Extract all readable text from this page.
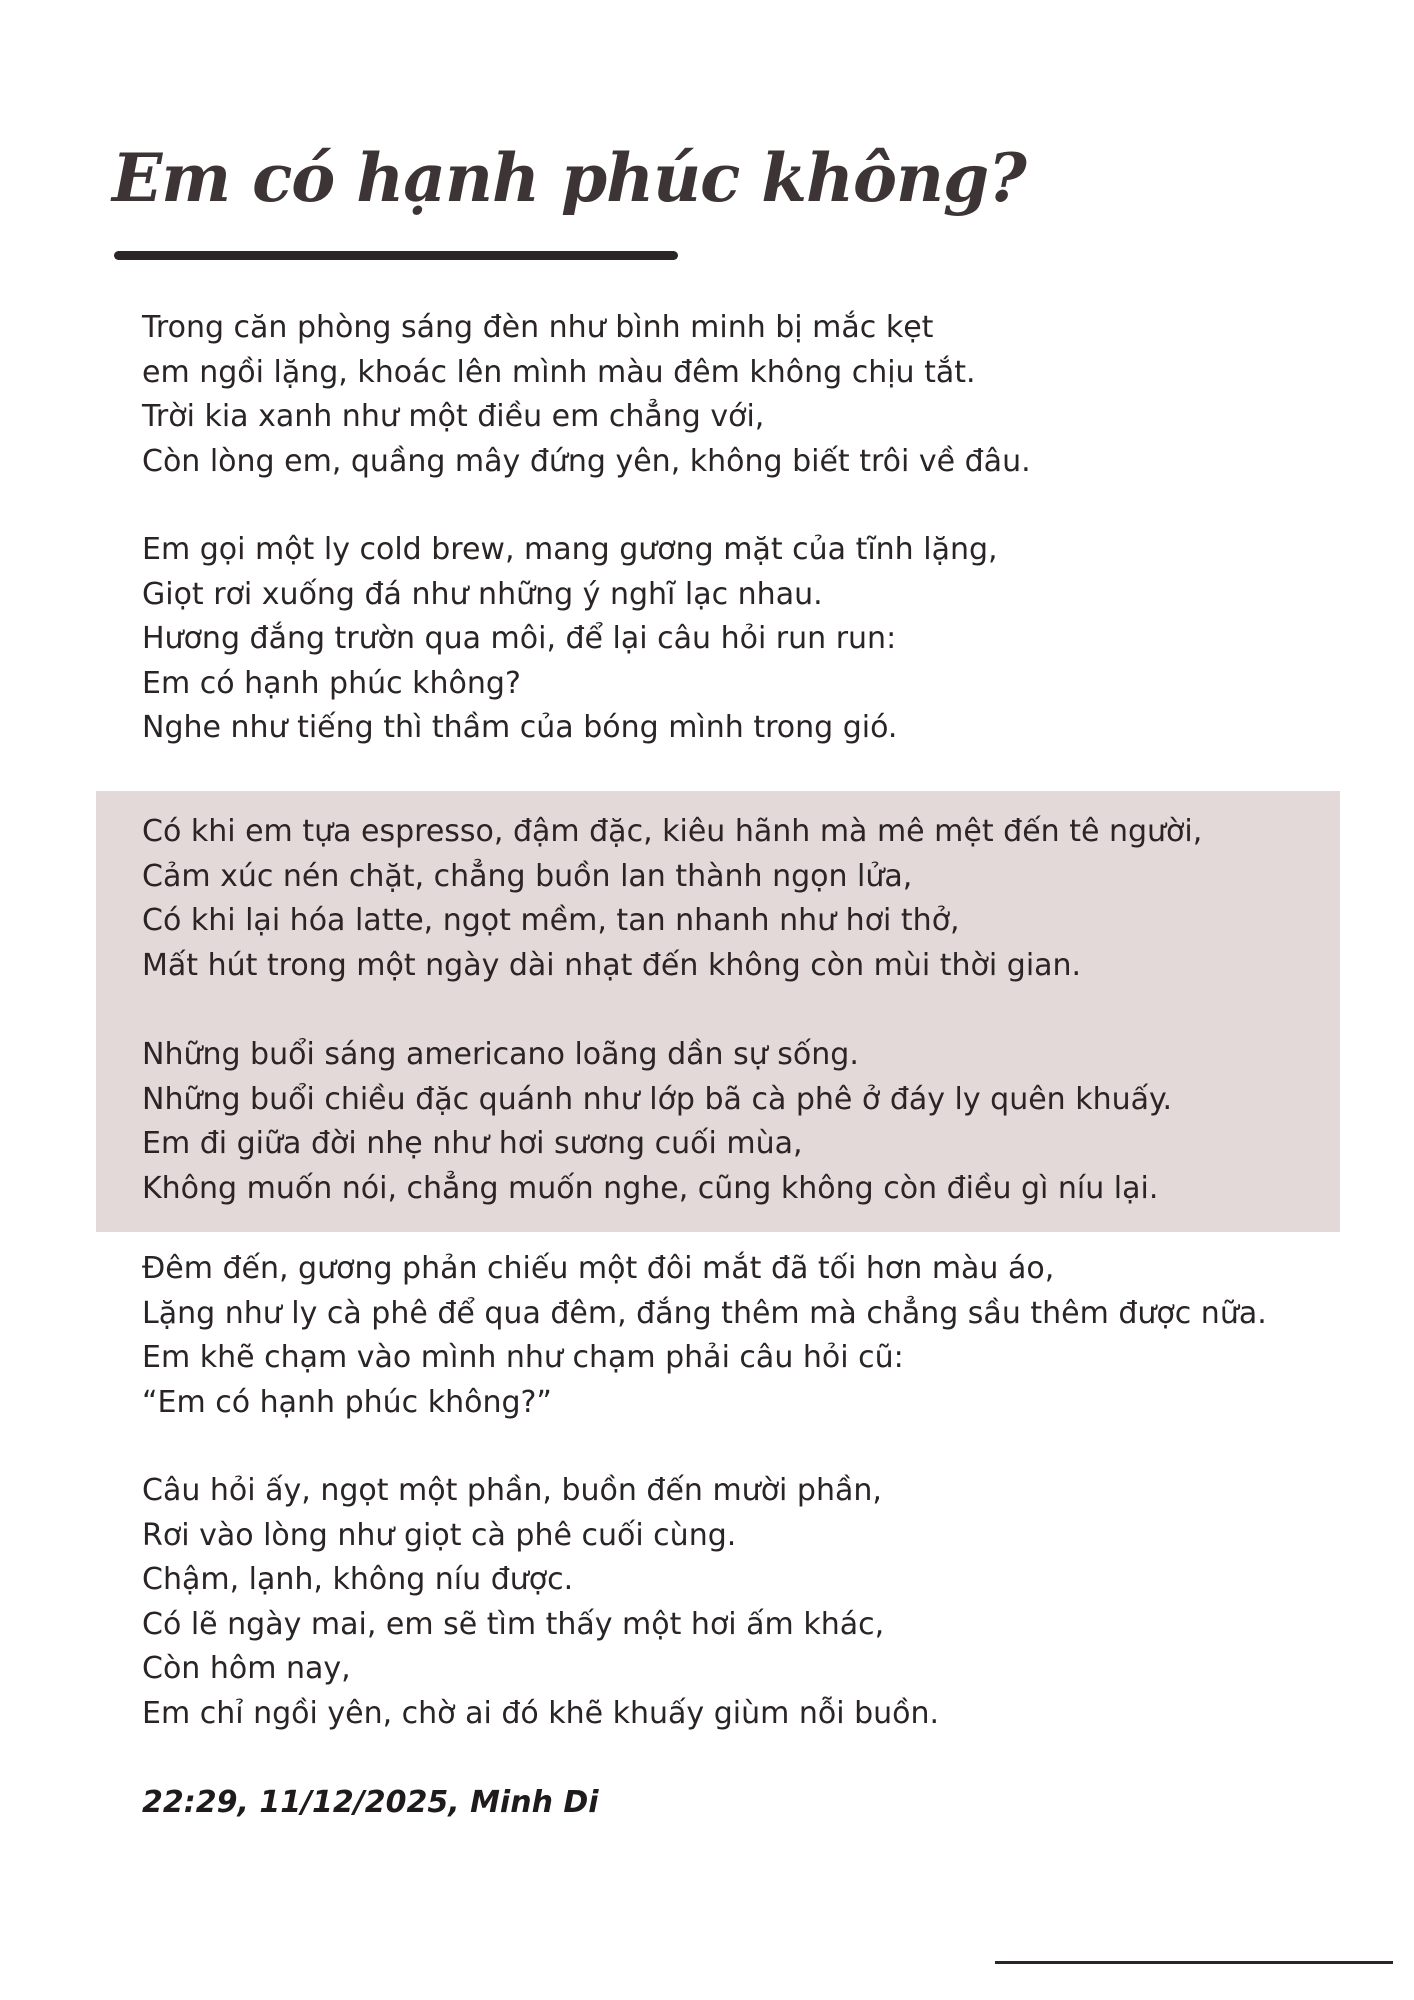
Em có hạnh phúc không?
Trong căn phòng sáng đèn như bình minh bị mắc kẹt
em ngồi lặng, khoác lên mình màu đêm không chịu tắt.
Trời kia xanh như một điều em chẳng với,
Còn lòng em, quầng mây đứng yên, không biết trôi về đâu.
Em gọi một ly cold brew, mang gương mặt của tĩnh lặng,
Giọt rơi xuống đá như những ý nghĩ lạc nhau.
Hương đắng trườn qua môi, để lại câu hỏi run run:
Em có hạnh phúc không?
Nghe như tiếng thì thầm của bóng mình trong gió.
Có khi em tựa espresso, đậm đặc, kiêu hãnh mà mê mệt đến tê người,
Cảm xúc nén chặt, chẳng buồn lan thành ngọn lửa,
Có khi lại hóa latte, ngọt mềm, tan nhanh như hơi thở,
Mất hút trong một ngày dài nhạt đến không còn mùi thời gian.
Những buổi sáng americano loãng dần sự sống.
Những buổi chiều đặc quánh như lớp bã cà phê ở đáy ly quên khuấy.
Em đi giữa đời nhẹ như hơi sương cuối mùa,
Không muốn nói, chẳng muốn nghe, cũng không còn điều gì níu lại.
Đêm đến, gương phản chiếu một đôi mắt đã tối hơn màu áo,
Lặng như ly cà phê để qua đêm, đắng thêm mà chẳng sầu thêm được nữa.
Em khẽ chạm vào mình như chạm phải câu hỏi cũ:
“Em có hạnh phúc không?”
Câu hỏi ấy, ngọt một phần, buồn đến mười phần,
Rơi vào lòng như giọt cà phê cuối cùng.
Chậm, lạnh, không níu được.
Có lẽ ngày mai, em sẽ tìm thấy một hơi ấm khác,
Còn hôm nay,
Em chỉ ngồi yên, chờ ai đó khẽ khuấy giùm nỗi buồn.
22:29, 11/12/2025, Minh Di
